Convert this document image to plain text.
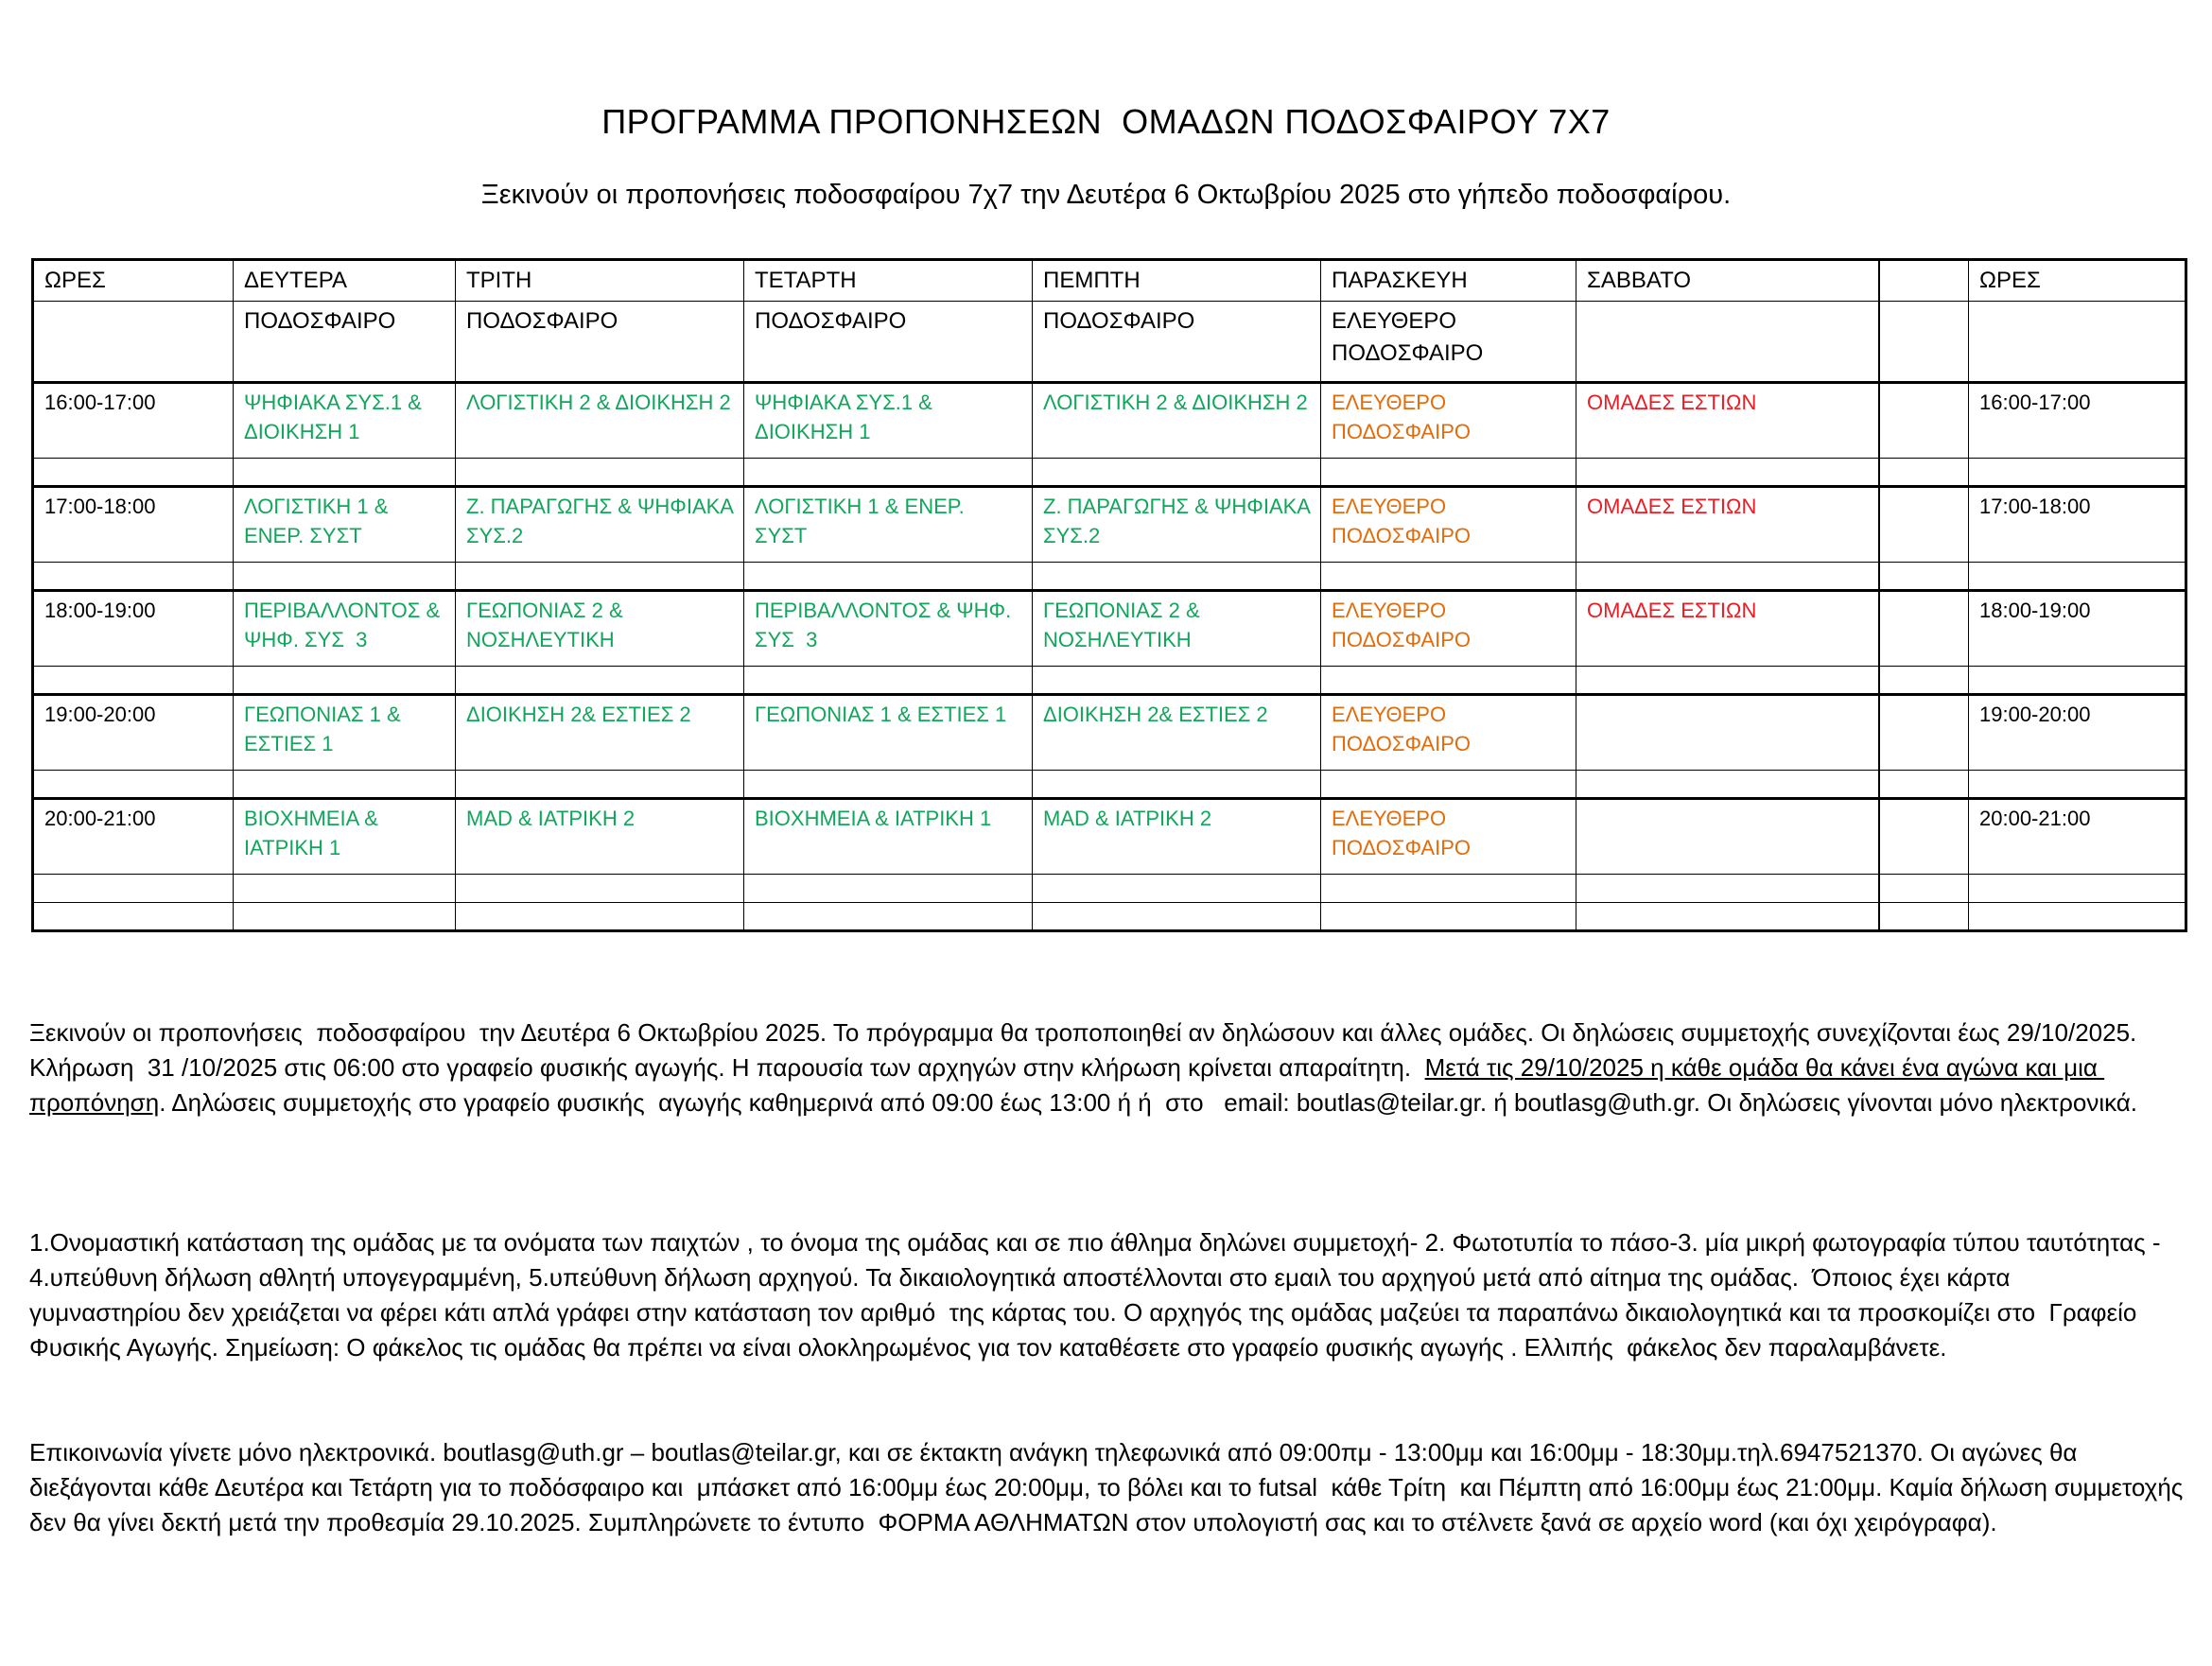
ΠΡΟΓΡΑΜΜΑ ΠΡΟΠΟΝΗΣΕΩΝ  ΟΜΑΔΩΝ ΠΟΔΟΣΦΑΙΡΟΥ 7Χ7

Ξεκινούν οι προπονήσεις ποδοσφαίρου 7χ7 την Δευτέρα 6 Οκτωβρίου 2025 στο γήπεδο ποδοσφαίρου.

ΩΡΕΣ	ΔΕΥΤΕΡΑ	ΤΡΙΤΗ	ΤΕΤΑΡΤΗ	ΠΕΜΠΤΗ	ΠΑΡΑΣΚΕΥΗ	ΣΑΒΒΑΤΟ		ΩΡΕΣ
	ΠΟΔΟΣΦΑΙΡΟ	ΠΟΔΟΣΦΑΙΡΟ	ΠΟΔΟΣΦΑΙΡΟ	ΠΟΔΟΣΦΑΙΡΟ	ΕΛΕΥΘΕΡΟ ΠΟΔΟΣΦΑΙΡΟ			
16:00-17:00	ΨΗΦΙΑΚΑ ΣΥΣ.1 & ΔΙΟΙΚΗΣΗ 1	ΛΟΓΙΣΤΙΚΗ 2 & ΔΙΟΙΚΗΣΗ 2	ΨΗΦΙΑΚΑ ΣΥΣ.1 & ΔΙΟΙΚΗΣΗ 1	ΛΟΓΙΣΤΙΚΗ 2 & ΔΙΟΙΚΗΣΗ 2	ΕΛΕΥΘΕΡΟ ΠΟΔΟΣΦΑΙΡΟ	ΟΜΑΔΕΣ ΕΣΤΙΩΝ		16:00-17:00

17:00-18:00	ΛΟΓΙΣΤΙΚΗ 1 & ΕΝΕΡ. ΣΥΣΤ	Ζ. ΠΑΡΑΓΩΓΗΣ & ΨΗΦΙΑΚΑ ΣΥΣ.2	ΛΟΓΙΣΤΙΚΗ 1 & ΕΝΕΡ. ΣΥΣΤ	Ζ. ΠΑΡΑΓΩΓΗΣ & ΨΗΦΙΑΚΑ ΣΥΣ.2	ΕΛΕΥΘΕΡΟ ΠΟΔΟΣΦΑΙΡΟ	ΟΜΑΔΕΣ ΕΣΤΙΩΝ		17:00-18:00

18:00-19:00	ΠΕΡΙΒΑΛΛΟΝΤΟΣ & ΨΗΦ. ΣΥΣ  3	ΓΕΩΠΟΝΙΑΣ 2 & ΝΟΣΗΛΕΥΤΙΚΗ	ΠΕΡΙΒΑΛΛΟΝΤΟΣ & ΨΗΦ. ΣΥΣ  3	ΓΕΩΠΟΝΙΑΣ 2 & ΝΟΣΗΛΕΥΤΙΚΗ	ΕΛΕΥΘΕΡΟ ΠΟΔΟΣΦΑΙΡΟ	ΟΜΑΔΕΣ ΕΣΤΙΩΝ		18:00-19:00

19:00-20:00	ΓΕΩΠΟΝΙΑΣ 1 & ΕΣΤΙΕΣ 1	ΔΙΟΙΚΗΣΗ 2& ΕΣΤΙΕΣ 2	ΓΕΩΠΟΝΙΑΣ 1 & ΕΣΤΙΕΣ 1	ΔΙΟΙΚΗΣΗ 2& ΕΣΤΙΕΣ 2	ΕΛΕΥΘΕΡΟ ΠΟΔΟΣΦΑΙΡΟ			19:00-20:00

20:00-21:00	ΒΙΟΧΗΜΕΙΑ & ΙΑΤΡΙΚΗ 1	MAD & ΙΑΤΡΙΚΗ 2	ΒΙΟΧΗΜΕΙΑ & ΙΑΤΡΙΚΗ 1	MAD & ΙΑΤΡΙΚΗ 2	ΕΛΕΥΘΕΡΟ ΠΟΔΟΣΦΑΙΡΟ			20:00-21:00

Ξεκινούν οι προπονήσεις  ποδοσφαίρου  την Δευτέρα 6 Οκτωβρίου 2025. Το πρόγραμμα θα τροποποιηθεί αν δηλώσουν και άλλες ομάδες. Οι δηλώσεις συμμετοχής συνεχίζονται έως 29/10/2025.  Κλήρωση  31 /10/2025 στις 06:00 στο γραφείο φυσικής αγωγής. Η παρουσία των αρχηγών στην κλήρωση κρίνεται απαραίτητη.  Μετά τις 29/10/2025 η κάθε ομάδα θα κάνει ένα αγώνα και μια προπόνηση. Δηλώσεις συμμετοχής στο γραφείο φυσικής  αγωγής καθημερινά από 09:00 έως 13:00 ή ή  στο   email: boutlas@teilar.gr. ή boutlasg@uth.gr. Οι δηλώσεις γίνονται μόνο ηλεκτρονικά.

1.Ονομαστική κατάσταση της ομάδας με τα ονόματα των παιχτών , το όνομα της ομάδας και σε πιο άθλημα δηλώνει συμμετοχή- 2. Φωτοτυπία το πάσο-3. μία μικρή φωτογραφία τύπου ταυτότητας - 4.υπεύθυνη δήλωση αθλητή υπογεγραμμένη, 5.υπεύθυνη δήλωση αρχηγού. Τα δικαιολογητικά αποστέλλονται στο εμαιλ του αρχηγού μετά από αίτημα της ομάδας.  Όποιος έχει κάρτα    γυμναστηρίου δεν χρειάζεται να φέρει κάτι απλά γράφει στην κατάσταση τον αριθμό  της κάρτας του. Ο αρχηγός της ομάδας μαζεύει τα παραπάνω δικαιολογητικά και τα προσκομίζει στο  Γραφείο   Φυσικής Αγωγής. Σημείωση: Ο φάκελος τις ομάδας θα πρέπει να είναι ολοκληρωμένος για τον καταθέσετε στο γραφείο φυσικής αγωγής . Ελλιπής  φάκελος δεν παραλαμβάνετε.

Επικοινωνία γίνετε μόνο ηλεκτρονικά. boutlasg@uth.gr – boutlas@teilar.gr, και σε έκτακτη ανάγκη τηλεφωνικά από 09:00πμ - 13:00μμ και 16:00μμ - 18:30μμ.τηλ.6947521370. Οι αγώνες θα διεξάγονται κάθε Δευτέρα και Τετάρτη για το ποδόσφαιρο και  μπάσκετ από 16:00μμ έως 20:00μμ, το βόλει και το futsal  κάθε Τρίτη  και Πέμπτη από 16:00μμ έως 21:00μμ. Καμία δήλωση συμμετοχής δεν θα γίνει δεκτή μετά την προθεσμία 29.10.2025. Συμπληρώνετε το έντυπο  ΦΟΡΜΑ ΑΘΛΗΜΑΤΩΝ στον υπολογιστή σας και το στέλνετε ξανά σε αρχείο word (και όχι χειρόγραφα).
